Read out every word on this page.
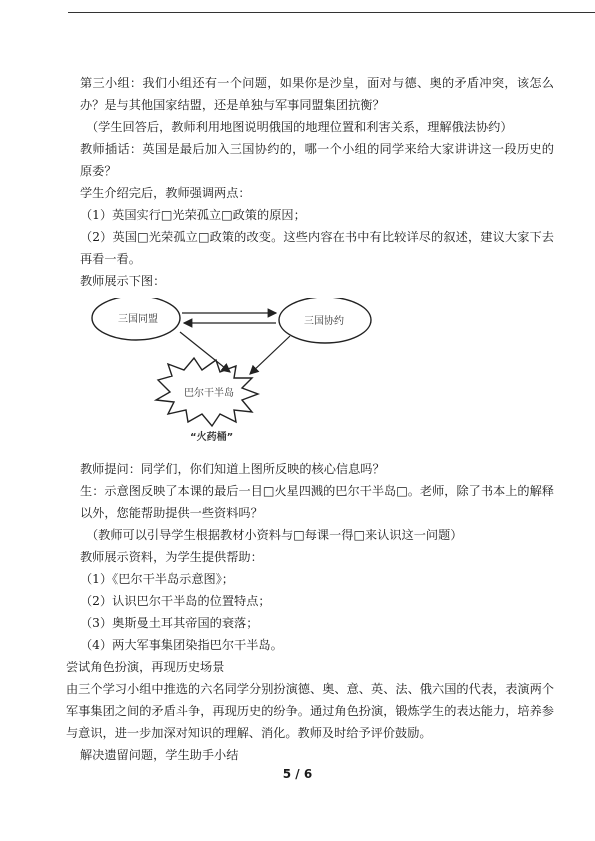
第三小组：我们小组还有一个问题，如果你是沙皇，面对与德、奥的矛盾冲突，该怎么办？是与其他国家结盟，还是单独与军事同盟集团抗衡？

（学生回答后，教师利用地图说明俄国的地理位置和利害关系，理解俄法协约）

教师插话：英国是最后加入三国协约的，哪一个小组的同学来给大家讲讲这一段历史的原委？

学生介绍完后，教师强调两点：

（1）英国实行□光荣孤立□政策的原因；

（2）英国□光荣孤立□政策的改变。这些内容在书中有比较详尽的叙述，建议大家下去再看一看。

教师展示下图：

三国同盟	三国协约
巴尔干半岛
“火药桶”

教师提问：同学们，你们知道上图所反映的核心信息吗？

生：示意图反映了本课的最后一目□火星四溅的巴尔干半岛□。老师，除了书本上的解释以外，您能帮助提供一些资料吗？

（教师可以引导学生根据教材小资料与□每课一得□来认识这一问题）

教师展示资料，为学生提供帮助：

（1）《巴尔干半岛示意图》；

（2）认识巴尔干半岛的位置特点；

（3）奥斯曼土耳其帝国的衰落；

（4）两大军事集团染指巴尔干半岛。

尝试角色扮演，再现历史场景

由三个学习小组中推选的六名同学分别扮演德、奥、意、英、法、俄六国的代表，表演两个军事集团之间的矛盾斗争，再现历史的纷争。通过角色扮演，锻炼学生的表达能力，培养参与意识，进一步加深对知识的理解、消化。教师及时给予评价鼓励。

解决遗留问题，学生助手小结

5 / 6
